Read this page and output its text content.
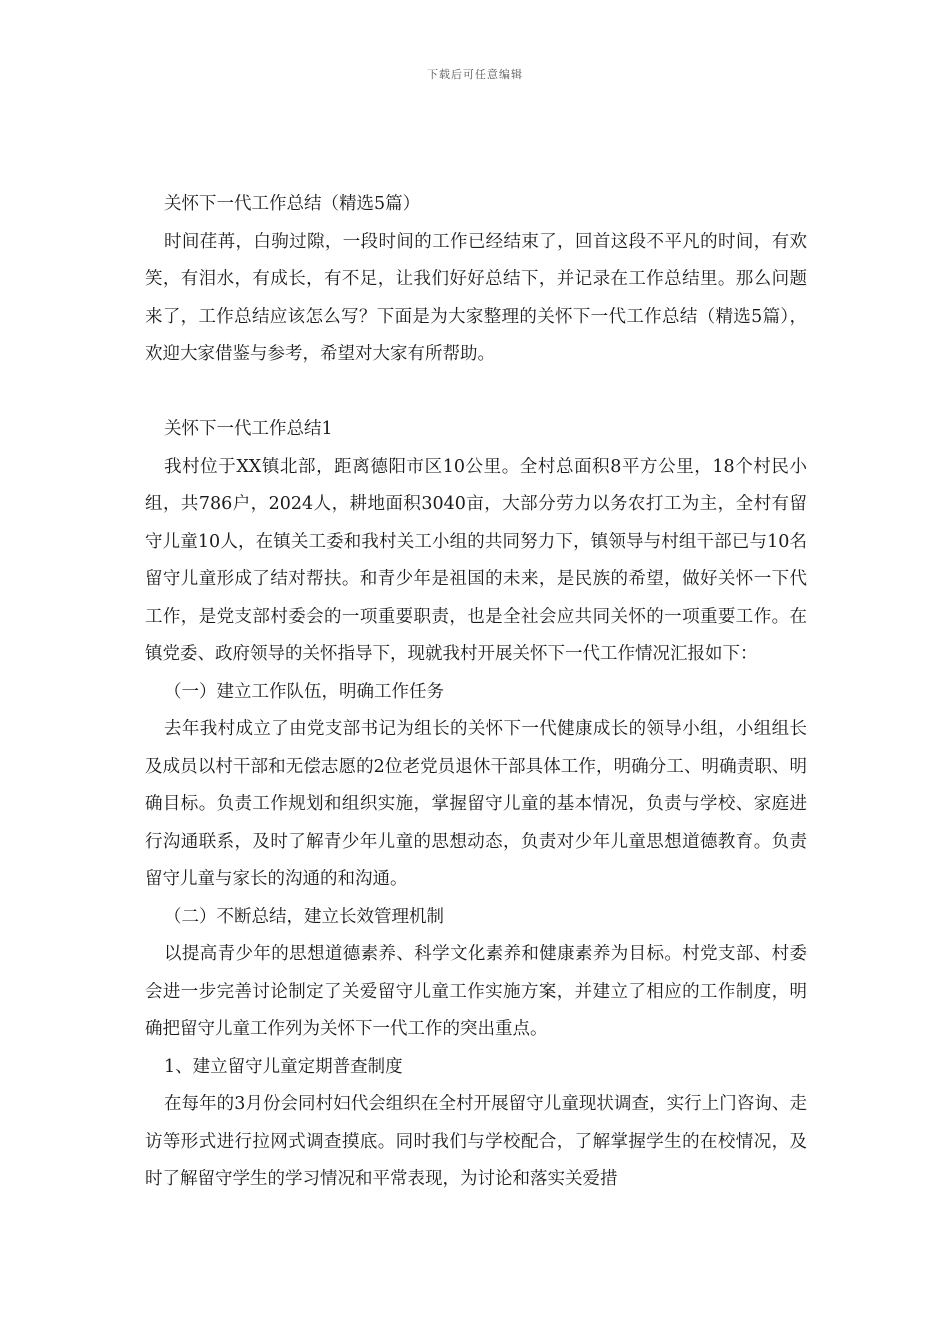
下载后可任意编辑

关怀下一代工作总结（精选5篇）

时间荏苒，白驹过隙，一段时间的工作已经结束了，回首这段不平凡的时间，有欢笑，有泪水，有成长，有不足，让我们好好总结下，并记录在工作总结里。那么问题来了，工作总结应该怎么写？下面是为大家整理的关怀下一代工作总结（精选5篇），欢迎大家借鉴与参考，希望对大家有所帮助。

关怀下一代工作总结1

我村位于XX镇北部，距离德阳市区10公里。全村总面积8平方公里，18个村民小组，共786户，2024人，耕地面积3040亩，大部分劳力以务农打工为主，全村有留守儿童10人，在镇关工委和我村关工小组的共同努力下，镇领导与村组干部已与10名留守儿童形成了结对帮扶。和青少年是祖国的未来，是民族的希望，做好关怀一下代工作，是党支部村委会的一项重要职责，也是全社会应共同关怀的一项重要工作。在镇党委、政府领导的关怀指导下，现就我村开展关怀下一代工作情况汇报如下：

（一）建立工作队伍，明确工作任务

去年我村成立了由党支部书记为组长的关怀下一代健康成长的领导小组，小组组长及成员以村干部和无偿志愿的2位老党员退休干部具体工作，明确分工、明确责职、明确目标。负责工作规划和组织实施，掌握留守儿童的基本情况，负责与学校、家庭进行沟通联系，及时了解青少年儿童的思想动态，负责对少年儿童思想道德教育。负责留守儿童与家长的沟通的和沟通。

（二）不断总结，建立长效管理机制

以提高青少年的思想道德素养、科学文化素养和健康素养为目标。村党支部、村委会进一步完善讨论制定了关爱留守儿童工作实施方案，并建立了相应的工作制度，明确把留守儿童工作列为关怀下一代工作的突出重点。

1、建立留守儿童定期普查制度

在每年的3月份会同村妇代会组织在全村开展留守儿童现状调查，实行上门咨询、走访等形式进行拉网式调查摸底。同时我们与学校配合，了解掌握学生的在校情况，及时了解留守学生的学习情况和平常表现，为讨论和落实关爱措
